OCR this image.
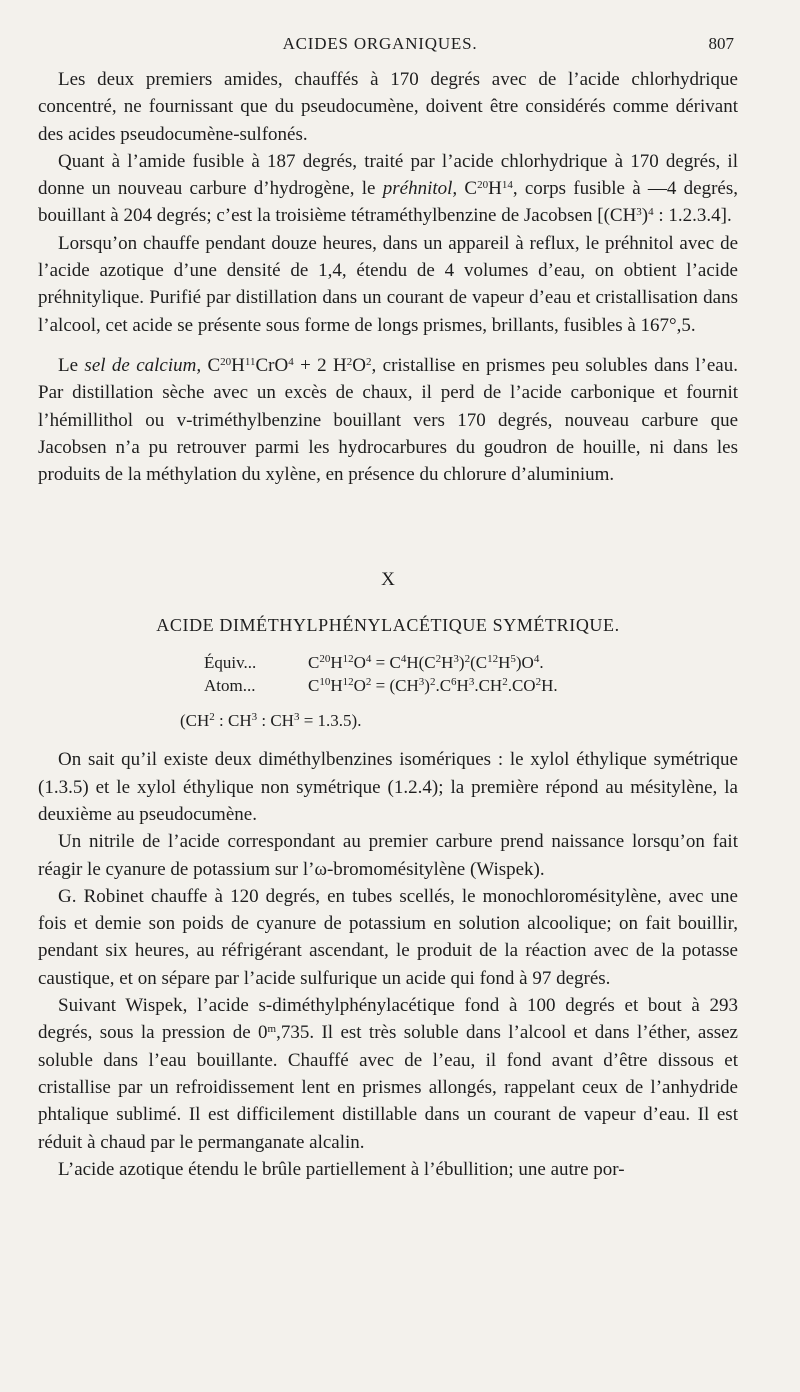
ACIDES ORGANIQUES.	807

Les deux premiers amides, chauffés à 170 degrés avec de l’acide chlorhydrique concentré, ne fournissant que du pseudocumène, doivent être considérés comme dérivant des acides pseudocumène-sulfonés.

Quant à l’amide fusible à 187 degrés, traité par l’acide chlorhydrique à 170 degrés, il donne un nouveau carbure d’hydrogène, le préhnitol, $C^{20}H^{14}$, corps fusible à —4 degrés, bouillant à 204 degrés; c’est la troisième tétraméthylbenzine de Jacobsen [$(CH^3)^4$ : 1.2.3.4].

Lorsqu’on chauffe pendant douze heures, dans un appareil à reflux, le préhnitol avec de l’acide azotique d’une densité de 1,4, étendu de 4 volumes d’eau, on obtient l’acide préhnitylique. Purifié par distillation dans un courant de vapeur d’eau et cristallisation dans l’alcool, cet acide se présente sous forme de longs prismes, brillants, fusibles à 167°,5.

Le sel de calcium, $C^{20}H^{11}CrO^4 + 2$ $H^2O^2$, cristallise en prismes peu solubles dans l’eau. Par distillation sèche avec un excès de chaux, il perd de l’acide carbonique et fournit l’hémillithol ou v-triméthylbenzine bouillant vers 170 degrés, nouveau carbure que Jacobsen n’a pu retrouver parmi les hydrocarbures du goudron de houille, ni dans les produits de la méthylation du xylène, en présence du chlorure d’aluminium.

X
ACIDE DIMÉTHYLPHÉNYLACÉTIQUE SYMÉTRIQUE.
Équiv...	$C^{20}H^{12}O^4 = C^4H(C^2H^3)^2(C^{12}H^5)O^4$.
Atom...	$C^{10}H^{12}O^2 = (CH^3)^2.C^6H^3.CH^2.CO^2H$.
($CH^2$ : $CH^3$ : $CH^3 = 1.3.5$).

On sait qu’il existe deux diméthylbenzines isomériques : le xylol éthylique symétrique (1.3.5) et le xylol éthylique non symétrique (1.2.4); la première répond au mésitylène, la deuxième au pseudocumène.

Un nitrile de l’acide correspondant au premier carbure prend naissance lorsqu’on fait réagir le cyanure de potassium sur l’ω-bromomésitylène (Wispek).

G. Robinet chauffe à 120 degrés, en tubes scellés, le monochloromésitylène, avec une fois et demie son poids de cyanure de potassium en solution alcoolique; on fait bouillir, pendant six heures, au réfrigérant ascendant, le produit de la réaction avec de la potasse caustique, et on sépare par l’acide sulfurique un acide qui fond à 97 degrés.

Suivant Wispek, l’acide s-diméthylphénylacétique fond à 100 degrés et bout à 293 degrés, sous la pression de 0$^m$,735. Il est très soluble dans l’alcool et dans l’éther, assez soluble dans l’eau bouillante. Chauffé avec de l’eau, il fond avant d’être dissous et cristallise par un refroidissement lent en prismes allongés, rappelant ceux de l’anhydride phtalique sublimé. Il est difficilement distillable dans un courant de vapeur d’eau. Il est réduit à chaud par le permanganate alcalin.

L’acide azotique étendu le brûle partiellement à l’ébullition; une autre por-
